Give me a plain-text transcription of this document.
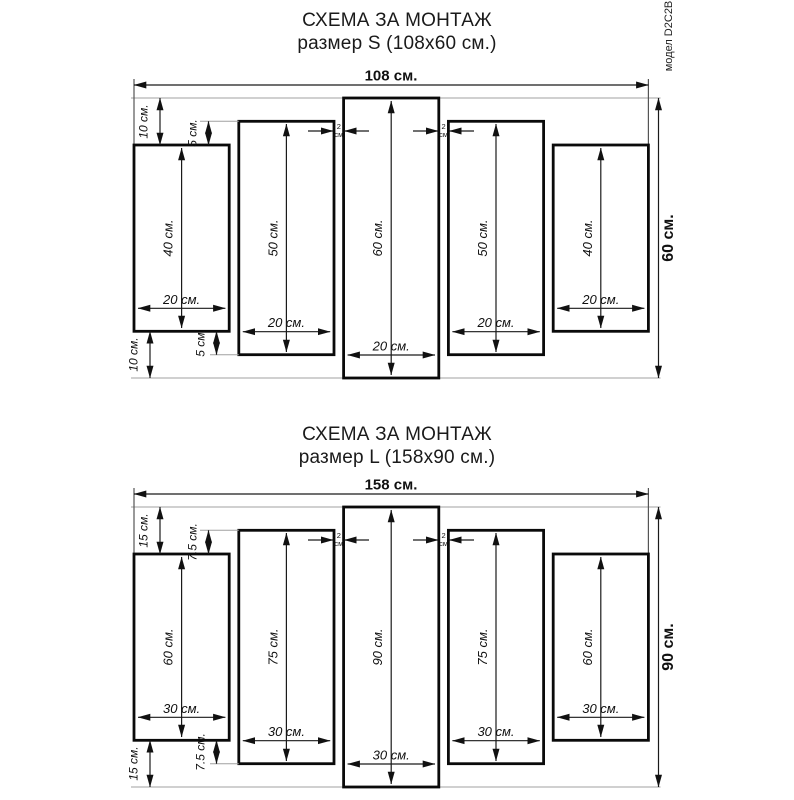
модел D2C2B
СХЕМА ЗА МОНТАЖ
размер S (108x60 см.)
108 см.
60 см.
40 см.
20 см.
50 см.
20 см.
60 см.
20 см.
50 см.
20 см.
40 см.
20 см.
10 см.	5 см.
10 см.	5 см.
2
см
2
см
СХЕМА ЗА МОНТАЖ
размер L (158x90 см.)
158 см.
90 см.
60 см.
30 см.
75 см.
30 см.
90 см.
30 см.
75 см.
30 см.
60 см.
30 см.
15 см.	7.5 см.
15 см.	7.5 см.
2
см
2
см
